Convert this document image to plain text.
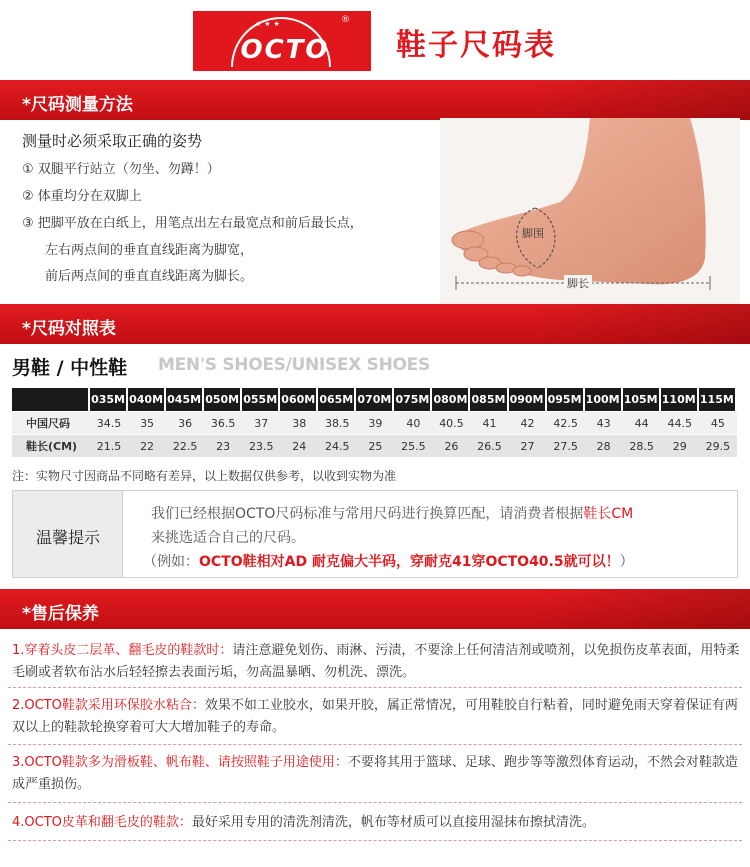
★★★
OCTO
®
鞋子尺码表
*尺码测量方法
测量时必须采取正确的姿势
① 双腿平行站立（勿坐、勿蹲！）
② 体重均分在双脚上
③ 把脚平放在白纸上，用笔点出左右最宽点和前后最长点，
左右两点间的垂直直线距离为脚宽，
前后两点间的垂直直线距离为脚长。
脚围
脚长
*尺码对照表
男鞋 / 中性鞋 MEN'S SHOES/UNISEX SHOES
	035M	040M	045M	050M	055M	060M	065M	070M	075M	080M	085M	090M	095M	100M	105M	110M	115M
中国尺码	34.5	35	36	36.5	37	38	38.5	39	40	40.5	41	42	42.5	43	44	44.5	45
鞋长(CM)	21.5	22	22.5	23	23.5	24	24.5	25	25.5	26	26.5	27	27.5	28	28.5	29	29.5
注：实物尺寸因商品不同略有差异，以上数据仅供参考，以收到实物为准
温馨提示
我们已经根据OCTO尺码标准与常用尺码进行换算匹配，请消费者根据鞋长CM
来挑选适合自己的尺码。
（例如：OCTO鞋相对AD 耐克偏大半码，穿耐克41穿OCTO40.5就可以！）
*售后保养
1.穿着头皮二层革、翻毛皮的鞋款时：请注意避免划伤、雨淋、污渍，不要涂上任何清洁剂或喷剂，以免损伤皮革表面，用特柔毛刷或者软布沾水后轻轻擦去表面污垢，勿高温暴晒、勿机洗、漂洗。
2.OCTO鞋款采用环保胶水粘合：效果不如工业胶水，如果开胶，属正常情况，可用鞋胶自行粘着，同时避免雨天穿着保证有两双以上的鞋款轮换穿着可大大增加鞋子的寿命。
3.OCTO鞋款多为滑板鞋、帆布鞋、请按照鞋子用途使用：不要将其用于篮球、足球、跑步等等激烈体育运动，不然会对鞋款造成严重损伤。
4.OCTO皮革和翻毛皮的鞋款：最好采用专用的清洗剂清洗，帆布等材质可以直接用湿抹布擦拭清洗。
